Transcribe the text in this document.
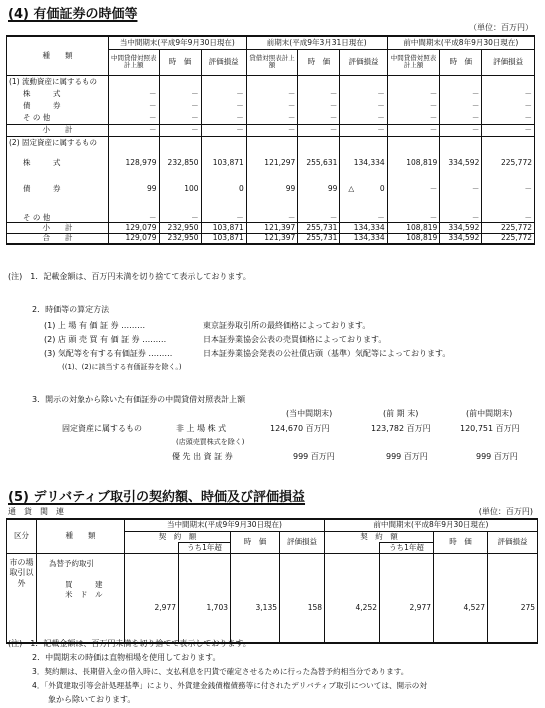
(4) 有価証券の時価等
（単位：百万円）
種　　類	当中間期末(平成9年9月30日現在)			前期末(平成9年3月31日現在)			前中間期末(平成8年9月30日現在)		
	中間貸借対照表計上額	時　価	評価損益	貸借対照表計上額	時　価	評価損益	中間貸借対照表計上額	時　価	評価損益
(1) 流動資産に属するもの									
株　　　式	－	－	－	－	－	－	－	－	－
債　　　券	－	－	－	－	－	－	－	－	－
そ の 他	－	－	－	－	－	－	－	－	－
小　　計	－	－	－	－	－	－	－	－	－
(2) 固定資産に属するもの									
株　　　式	128,979	232,850	103,871	121,297	255,631	134,334	108,819	334,592	225,772
債　　　券	99	100	0	99	99	△ 0	－	－	－
そ の 他	－	－	－	－	－	－	－	－	－
小　　計	129,079	232,950	103,871	121,397	255,731	134,334	108,819	334,592	225,772
合　　計	129,079	232,950	103,871	121,397	255,731	134,334	108,819	334,592	225,772
(注)　1．記載金額は、百万円未満を切り捨てて表示しております。
2．時価等の算定方法
(1) 上 場 有 価 証 券 ………	東京証券取引所の最終価格によっております。
(2) 店 頭 売 買 有 価 証 券 ………	日本証券業協会公表の売買価格によっております。
(3) 気配等を有する有価証券 ………	日本証券業協会発表の公社債店頭（基準）気配等によっております。
((1)、(2)に該当する有価証券を除く。)
3．開示の対象から除いた有価証券の中間貸借対照表計上額
(当中間期末)	(前 期 末)	(前中間期末)
固定資産に属するもの	非 上 場 株 式	124,670 百万円	123,782 百万円	120,751 百万円
(店頭売買株式を除く)
優 先 出 資 証 券	999 百万円	999 百万円	999 百万円
(5) デリバティブ取引の契約額、時価及び評価損益
通　貨　関　連	(単位：百万円)
区分	種　　類	当中間期末(平成9年9月30日現在)				前中間期末(平成8年9月30日現在)			
		契　約　額		時　価	評価損益	契　約　額		時　価	評価損益
			うち1年超				うち1年超		
市の場取引以外	為替予約取引
買　　　建
米　ド　ル	2,977	1,703	3,135	158	4,252	2,977	4,527	275
(注)　1．記載金額は、百万円未満を切り捨てて表示しております。
2．中間期末の時価は直物相場を使用しております。
3．契約額は、長期借入金の借入時に、支払利息を円貨で確定させるために行った為替予約相当分であります。
4．「外貨建取引等会計処理基準」により、外貨建金銭債権債務等に付されたデリバティブ取引については、開示の対
象から除いております。
